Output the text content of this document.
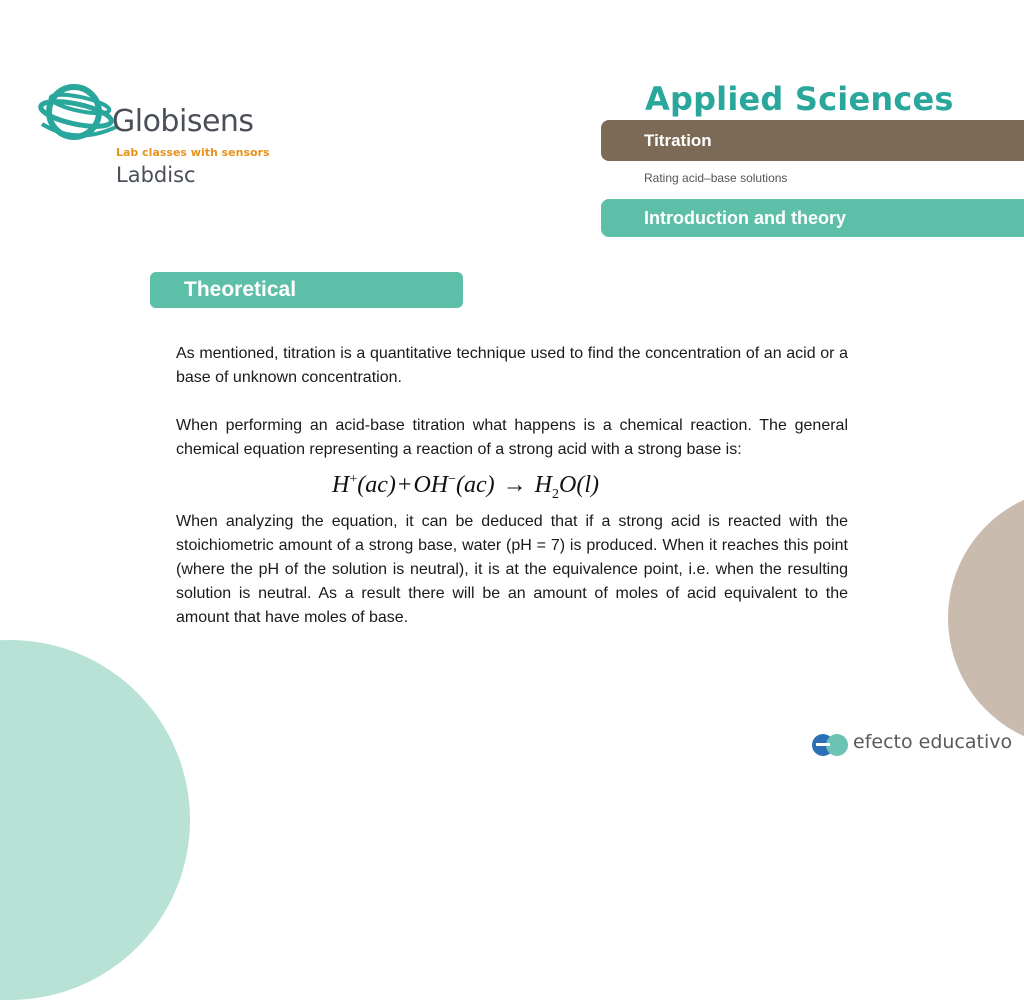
Globisens
Lab classes with sensors
Labdisc
Applied Sciences
Titration
Rating acid–base solutions
Introduction and theory
Theoretical

As mentioned, titration is a quantitative technique used to find the concentration of an acid or a base of unknown concentration.

When performing an acid-base titration what happens is a chemical reaction. The general chemical equation representing a reaction of a strong acid with a strong base is:

$H^+(ac)+OH^-(ac) \to H_2O(l)$

When analyzing the equation, it can be deduced that if a strong acid is reacted with the stoichiometric amount of a strong base, water (pH = 7) is produced. When it reaches this point (where the pH of the solution is neutral), it is at the equivalence point, i.e. when the resulting solution is neutral. As a result there will be an amount of moles of acid equivalent to the amount that have moles of base.

efecto educativo
